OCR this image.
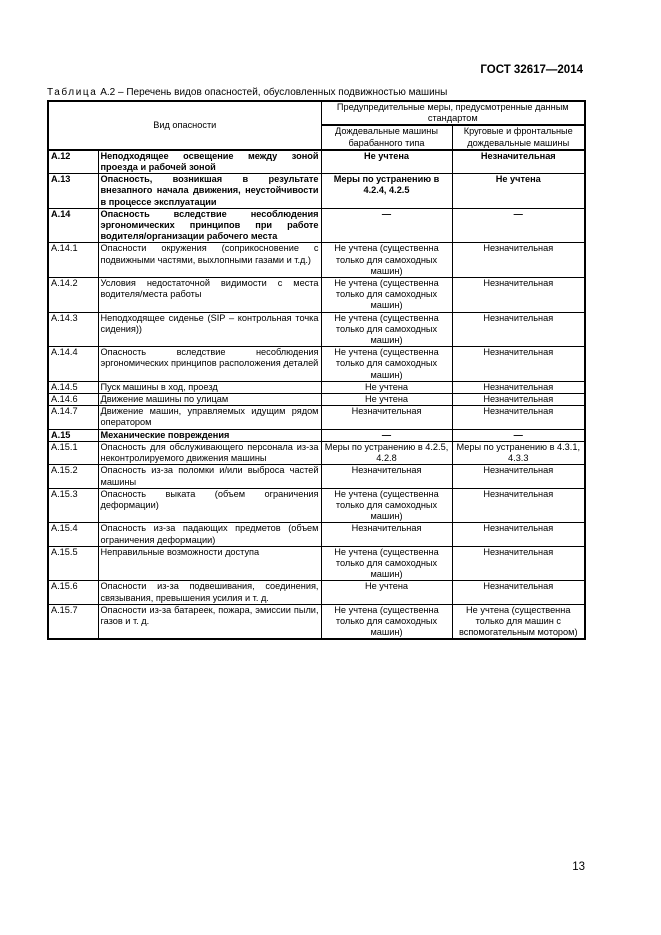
ГОСТ 32617—2014
Таблица А.2 – Перечень видов опасностей, обусловленных подвижностью машины
Вид опасности		Предупредительные меры, предусмотренные данным стандартом	
		Дождевальные машины барабанного типа	Круговые и фронтальные дождевальные машины
А.12	Неподходящее освещение между зоной проезда и рабочей зоной	Не учтена	Незначительная
А.13	Опасность, возникшая в результате внезапного начала движения, неустойчивости в процессе эксплуатации	Меры по устранению в 4.2.4, 4.2.5	Не учтена
А.14	Опасность вследствие несоблюдения эргономических принципов при работе водителя/организации рабочего места	—	—
А.14.1	Опасности окружения (соприкосновение с подвижными частями, выхлопными газами и т.д.)	Не учтена (существенна только для самоходных машин)	Незначительная
А.14.2	Условия недостаточной видимости с места водителя/места работы	Не учтена (существенна только для самоходных машин)	Незначительная
А.14.3	Неподходящее сиденье (SIP – контрольная точка сидения))	Не учтена (существенна только для самоходных машин)	Незначительная
А.14.4	Опасность вследствие несоблюдения эргономических принципов расположения деталей	Не учтена (существенна только для самоходных машин)	Незначительная
А.14.5	Пуск машины в ход, проезд	Не учтена	Незначительная
А.14.6	Движение машины по улицам	Не учтена	Незначительная
А.14.7	Движение машин, управляемых идущим рядом оператором	Незначительная	Незначительная
А.15	Механические повреждения	—	—
А.15.1	Опасность для обслуживающего персонала из-за неконтролируемого движения машины	Меры по устранению в 4.2.5, 4.2.8	Меры по устранению в 4.3.1, 4.3.3
А.15.2	Опасность из-за поломки и/или выброса частей машины	Незначительная	Незначительная
А.15.3	Опасность выката (объем ограничения деформации)	Не учтена (существенна только для самоходных машин)	Незначительная
А.15.4	Опасность из-за падающих предметов (объем ограничения деформации)	Незначительная	Незначительная
А.15.5	Неправильные возможности доступа	Не учтена (существенна только для самоходных машин)	Незначительная
А.15.6	Опасности из-за подвешивания, соединения, связывания, превышения усилия и т. д.	Не учтена	Незначительная
А.15.7	Опасности из-за батареек, пожара, эмиссии пыли, газов и т. д.	Не учтена (существенна только для самоходных машин)	Не учтена (существенна только для машин с вспомогательным мотором)
13
